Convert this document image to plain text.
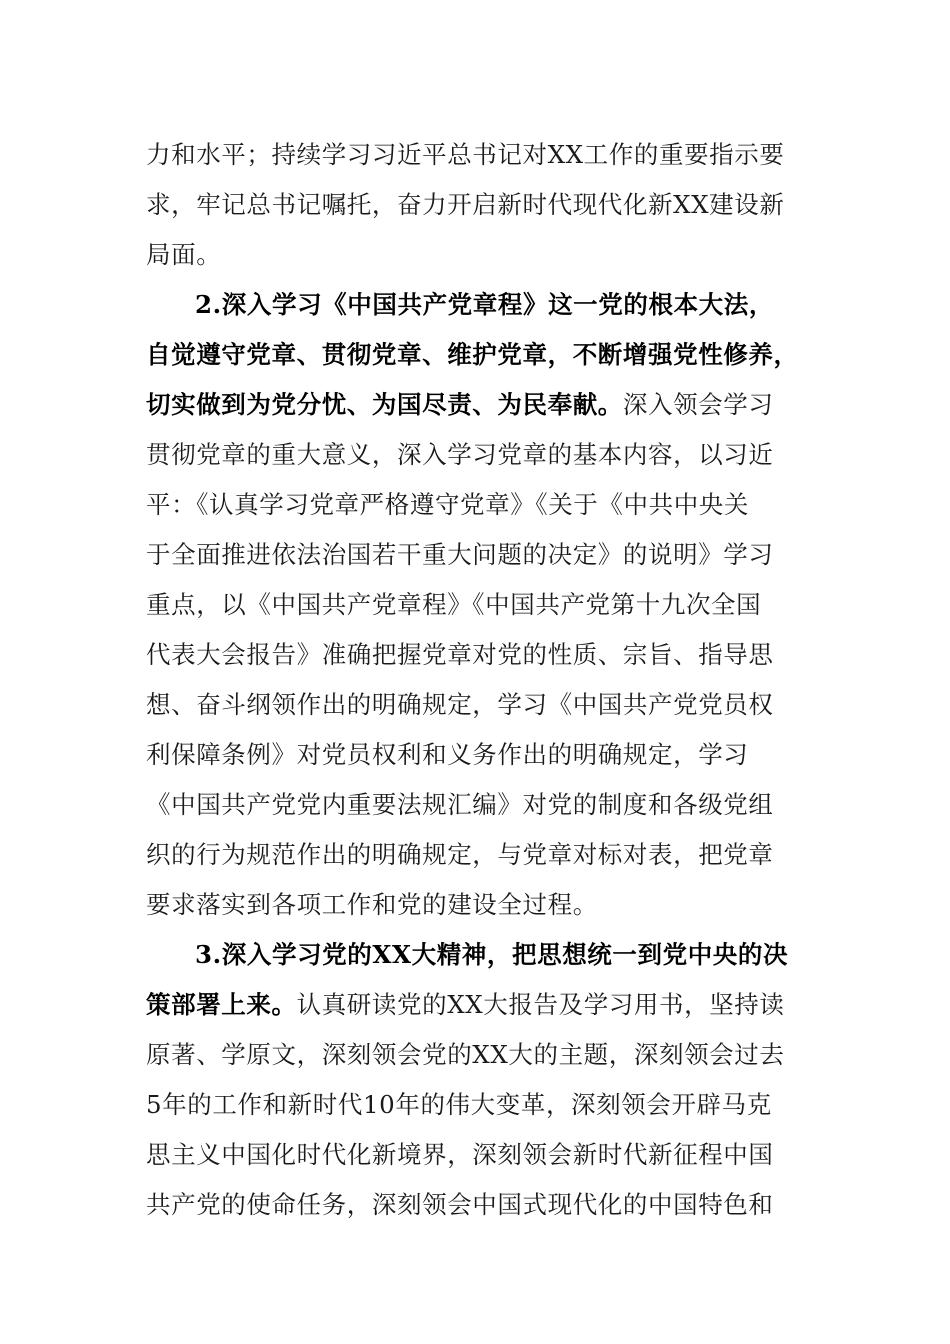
力和水平；持续学习习近平总书记对XX工作的重要指示要
求，牢记总书记嘱托，奋力开启新时代现代化新XX建设新
局面。
2.深入学习《中国共产党章程》这一党的根本大法，
自觉遵守党章、贯彻党章、维护党章，不断增强党性修养，
切实做到为党分忧、为国尽责、为民奉献。深入领会学习
贯彻党章的重大意义，深入学习党章的基本内容，以习近
平：《认真学习党章严格遵守党章》《关于《中共中央关
于全面推进依法治国若干重大问题的决定》的说明》学习
重点，以《中国共产党章程》《中国共产党第十九次全国
代表大会报告》准确把握党章对党的性质、宗旨、指导思
想、奋斗纲领作出的明确规定，学习《中国共产党党员权
利保障条例》对党员权利和义务作出的明确规定，学习
《中国共产党党内重要法规汇编》对党的制度和各级党组
织的行为规范作出的明确规定，与党章对标对表，把党章
要求落实到各项工作和党的建设全过程。
3.深入学习党的XX大精神，把思想统一到党中央的决
策部署上来。认真研读党的XX大报告及学习用书，坚持读
原著、学原文，深刻领会党的XX大的主题，深刻领会过去
5年的工作和新时代10年的伟大变革，深刻领会开辟马克
思主义中国化时代化新境界，深刻领会新时代新征程中国
共产党的使命任务，深刻领会中国式现代化的中国特色和
